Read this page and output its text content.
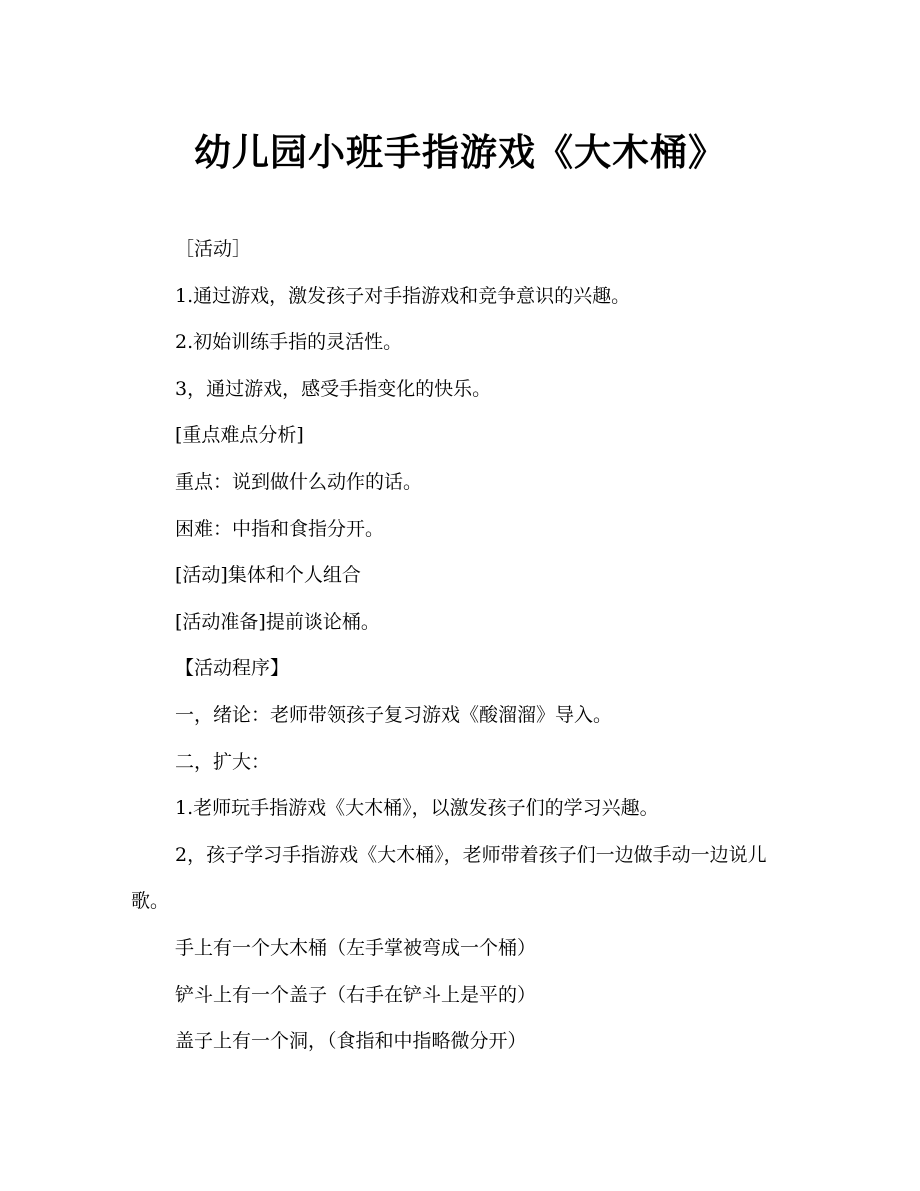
幼儿园小班手指游戏《大木桶》

［活动］

1.通过游戏，激发孩子对手指游戏和竞争意识的兴趣。

2.初始训练手指的灵活性。

3，通过游戏，感受手指变化的快乐。

[重点难点分析]

重点：说到做什么动作的话。

困难：中指和食指分开。

[活动]集体和个人组合

[活动准备]提前谈论桶。

【活动程序】

一，绪论：老师带领孩子复习游戏《酸溜溜》导入。

二，扩大：

1.老师玩手指游戏《大木桶》，以激发孩子们的学习兴趣。

2，孩子学习手指游戏《大木桶》，老师带着孩子们一边做手动一边说儿歌。

手上有一个大木桶（左手掌被弯成一个桶）

铲斗上有一个盖子（右手在铲斗上是平的）

盖子上有一个洞，（食指和中指略微分开）
